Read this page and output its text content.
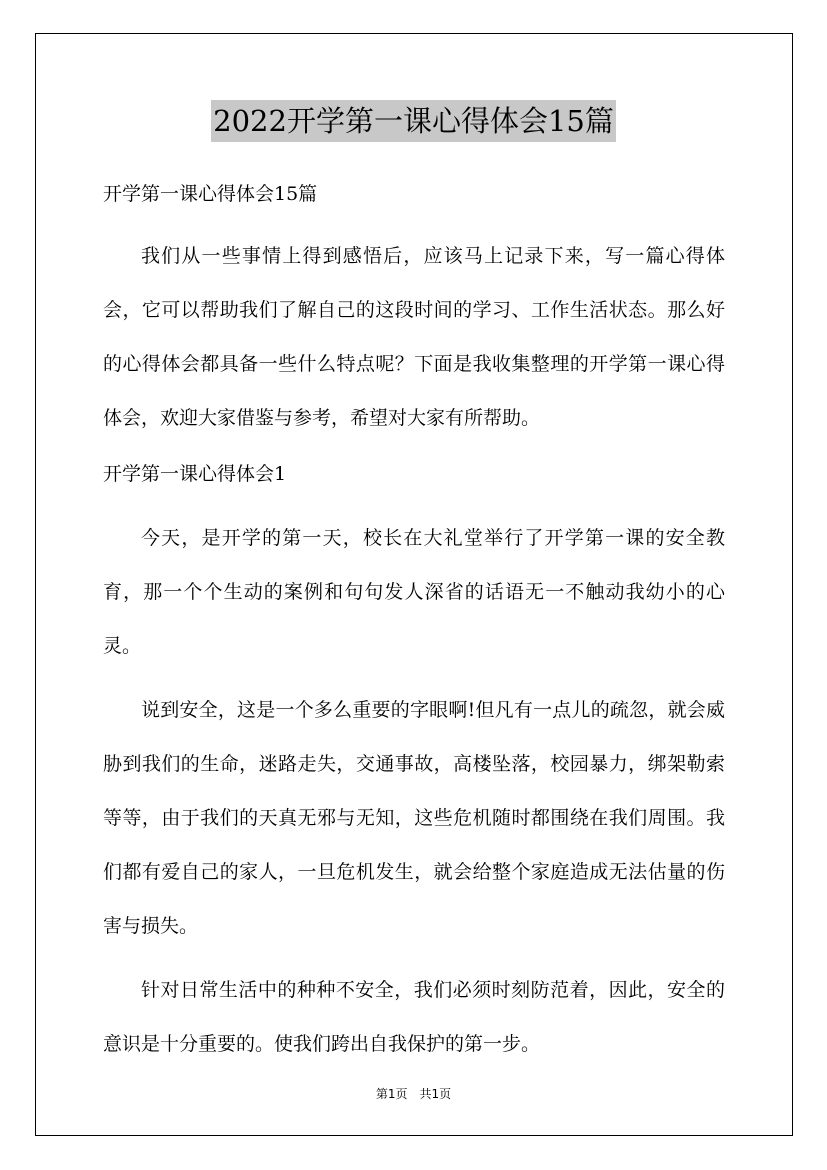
2022开学第一课心得体会15篇

开学第一课心得体会15篇

我们从一些事情上得到感悟后，应该马上记录下来，写一篇心得体会，它可以帮助我们了解自己的这段时间的学习、工作生活状态。那么好的心得体会都具备一些什么特点呢？下面是我收集整理的开学第一课心得体会，欢迎大家借鉴与参考，希望对大家有所帮助。

开学第一课心得体会1

今天，是开学的第一天，校长在大礼堂举行了开学第一课的安全教育，那一个个生动的案例和句句发人深省的话语无一不触动我幼小的心灵。

说到安全，这是一个多么重要的字眼啊!但凡有一点儿的疏忽，就会威胁到我们的生命，迷路走失，交通事故，高楼坠落，校园暴力，绑架勒索等等，由于我们的天真无邪与无知，这些危机随时都围绕在我们周围。我们都有爱自己的家人，一旦危机发生，就会给整个家庭造成无法估量的伤害与损失。

针对日常生活中的种种不安全，我们必须时刻防范着，因此，安全的意识是十分重要的。使我们跨出自我保护的第一步。

第1页　共1页
